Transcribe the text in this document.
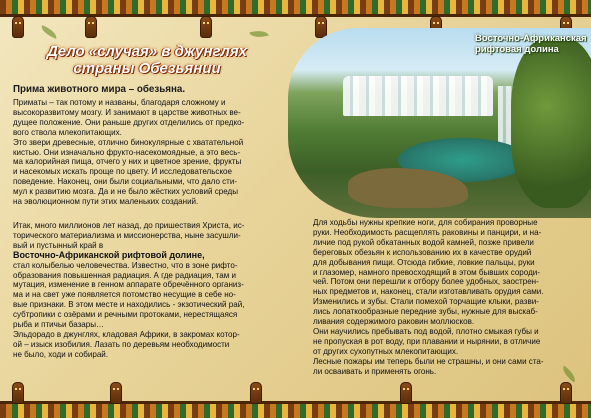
Восточно-Африканская
рифтовая долина
Дело «случая» в джунглях
страны Обезьянии
Прима животного мира – обезьяна.

Приматы – так потому и названы, благодаря сложному и
высокоразвитому мозгу. И занимают в царстве животных ве-
дущее положение. Они раньше других отделились от предко-
вого ствола млекопитающих.
Это звери древесные, отлично бинокулярные с хватательной
кистью. Они изначально фрукто-насекомоядные, а это весь-
ма калорийная пища, отчего у них и цветное зрение, фрукты
и насекомых искать проще по цвету. И исследовательское
поведение. Наконец, они были социальными, что дало сти-
мул к развитию мозга. Да и не было жёстких условий среды
на эволюционном пути этих маленьких созданий.

Итак, много миллионов лет назад, до пришествия Христа, ис-
торического материализма и миссионерства, ныне засушли-
вый и пустынный край в
Восточно-Африканской рифтовой долине,
стал колыбелью человечества. Известно, что в зоне рифто-
образования повышенная радиация. А где радиация, там и
мутация, изменение в генном аппарате обречённого организ-
ма и на свет уже появляется потомство несущие в себе но-
вые признаки. В этом месте и находились - экзотический рай,
субтропики с озёрами и речными протоками, нерестящаяся
рыба и птичьи базары…
Эльдорадо в джунглях, кладовая Африки, в закромах котор-
ой – изыск изобилия. Лазать по деревьям необходимости
не было, ходи и собирай.

Для ходьбы нужны крепкие ноги, для собирания проворные
руки. Необходимость расщеплять раковины и панцири, и на-
личие под рукой обкатанных водой камней, позже привели
береговых обезьян к использованию их в качестве орудий
для добывания пищи. Отсюда гибкие, ловкие пальцы, руки
и глазомер, намного превосходящий в этом бывших сороди-
чей. Потом они перешли к отбору более удобных, заострен-
ных предметов и, наконец, стали изготавливать орудия сами.
Изменились и зубы. Стали помехой торчащие клыки, разви-
лись лопаткообразные передние зубы, нужные для выскаб-
ливания содержимого раковин моллюсков.
Они научились пребывать под водой, плотно смыкая губы и
не пропуская в рот воду, при плавании и нырянии, в отличие
от других сухопутных млекопитающих.
Лесные пожары им теперь были не страшны, и они сами ста-
ли осваивать и применять огонь.
